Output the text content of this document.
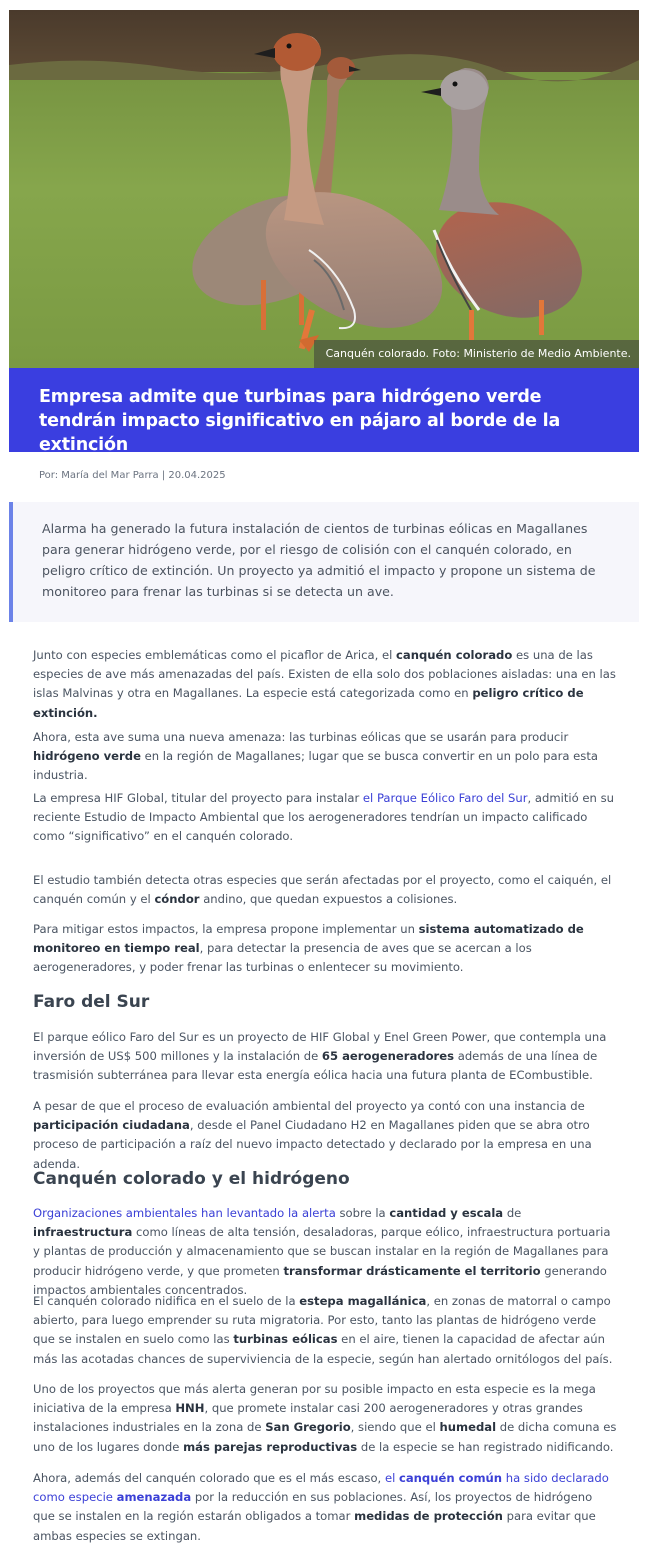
Canquén colorado. Foto: Ministerio de Medio Ambiente.
Empresa admite que turbinas para hidrógeno verde tendrán impacto significativo en pájaro al borde de la extinción
Por: María del Mar Parra | 20.04.2025

Alarma ha generado la futura instalación de cientos de turbinas eólicas en Magallanes para generar hidrógeno verde, por el riesgo de colisión con el canquén colorado, en peligro crítico de extinción. Un proyecto ya admitió el impacto y propone un sistema de monitoreo para frenar las turbinas si se detecta un ave.

Junto con especies emblemáticas como el picaflor de Arica, el canquén colorado es una de las especies de ave más amenazadas del país. Existen de ella solo dos poblaciones aisladas: una en las islas Malvinas y otra en Magallanes. La especie está categorizada como en peligro crítico de extinción.

Ahora, esta ave suma una nueva amenaza: las turbinas eólicas que se usarán para producir hidrógeno verde en la región de Magallanes; lugar que se busca convertir en un polo para esta industria.

La empresa HIF Global, titular del proyecto para instalar el Parque Eólico Faro del Sur, admitió en su reciente Estudio de Impacto Ambiental que los aerogeneradores tendrían un impacto calificado como “significativo” en el canquén colorado.

El estudio también detecta otras especies que serán afectadas por el proyecto, como el caiquén, el canquén común y el cóndor andino, que quedan expuestos a colisiones.

Para mitigar estos impactos, la empresa propone implementar un sistema automatizado de monitoreo en tiempo real, para detectar la presencia de aves que se acercan a los aerogeneradores, y poder frenar las turbinas o enlentecer su movimiento.

Faro del Sur

El parque eólico Faro del Sur es un proyecto de HIF Global y Enel Green Power, que contempla una inversión de US$ 500 millones y la instalación de 65 aerogeneradores además de una línea de trasmisión subterránea para llevar esta energía eólica hacia una futura planta de ECombustible.

A pesar de que el proceso de evaluación ambiental del proyecto ya contó con una instancia de participación ciudadana, desde el Panel Ciudadano H2 en Magallanes piden que se abra otro proceso de participación a raíz del nuevo impacto detectado y declarado por la empresa en una adenda.

Canquén colorado y el hidrógeno

Organizaciones ambientales han levantado la alerta sobre la cantidad y escala de infraestructura como líneas de alta tensión, desaladoras, parque eólico, infraestructura portuaria y plantas de producción y almacenamiento que se buscan instalar en la región de Magallanes para producir hidrógeno verde, y que prometen transformar drásticamente el territorio generando impactos ambientales concentrados.

El canquén colorado nidifica en el suelo de la estepa magallánica, en zonas de matorral o campo abierto, para luego emprender su ruta migratoria. Por esto, tanto las plantas de hidrógeno verde que se instalen en suelo como las turbinas eólicas en el aire, tienen la capacidad de afectar aún más las acotadas chances de superviviencia de la especie, según han alertado ornitólogos del país.

Uno de los proyectos que más alerta generan por su posible impacto en esta especie es la mega iniciativa de la empresa HNH, que promete instalar casi 200 aerogeneradores y otras grandes instalaciones industriales en la zona de San Gregorio, siendo que el humedal de dicha comuna es uno de los lugares donde más parejas reproductivas de la especie se han registrado nidificando.

Ahora, además del canquén colorado que es el más escaso, el canquén común ha sido declarado como especie amenazada por la reducción en sus poblaciones. Así, los proyectos de hidrógeno que se instalen en la región estarán obligados a tomar medidas de protección para evitar que ambas especies se extingan.
